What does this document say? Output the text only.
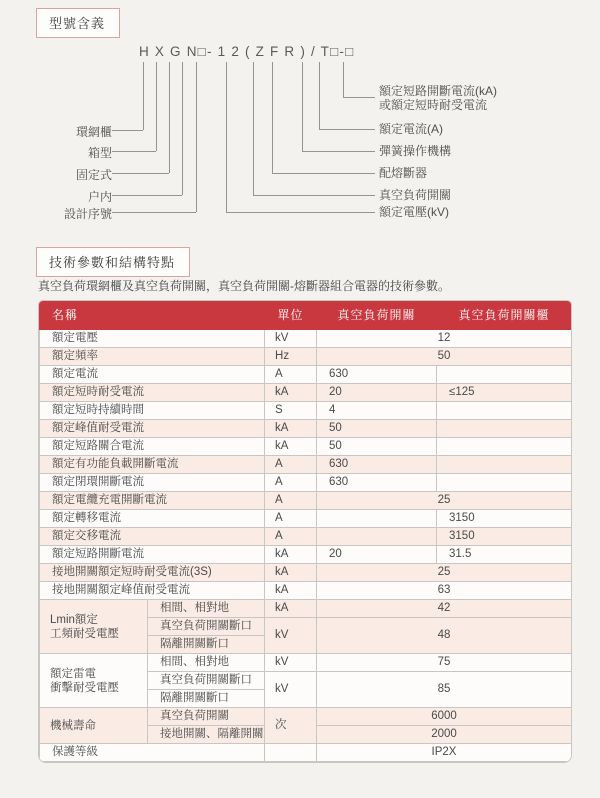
型號含義
H X G N□- 1 2 ( Z F R ) / T□-□
環網櫃
箱型
固定式
户内
設計序號
額定短路開斷電流(kA)
或額定短時耐受電流
額定電流(A)
彈簧操作機構
配熔斷器
真空負荷開關
額定電壓(kV)
技術參數和結構特點
真空負荷環網櫃及真空負荷開關，真空負荷開關-熔斷器組合電器的技術參數。
名稱		單位	真空負荷開關	真空負荷開關櫃
額定電壓		kV	12	
額定頻率		Hz	50	
額定電流		A	630	
額定短時耐受電流		kA	20	≤125
額定短時持續時間		S	4	
額定峰值耐受電流		kA	50	
額定短路關合電流		kA	50	
額定有功能負載開斷電流		A	630	
額定閉環開斷電流		A	630	
額定電纜充電開斷電流		A	25	
額定轉移電流		A		3150
額定交移電流		A		3150
額定短路開斷電流		kA	20	31.5
接地開關額定短時耐受電流(3S)		kA	25	
接地開關額定峰值耐受電流		kA	63	
Lmin額定
工頻耐受電壓	相間、相對地	kA	42	
	真空負荷開關斷口	kV	48	
	隔離開關斷口			
額定雷電
衝擊耐受電壓	相間、相對地	kV	75	
	真空負荷開關斷口	kV	85	
	隔離開關斷口			
機械壽命	真空負荷開關	次	6000	
	接地開關、隔離開關		2000	
保護等級			IP2X	
